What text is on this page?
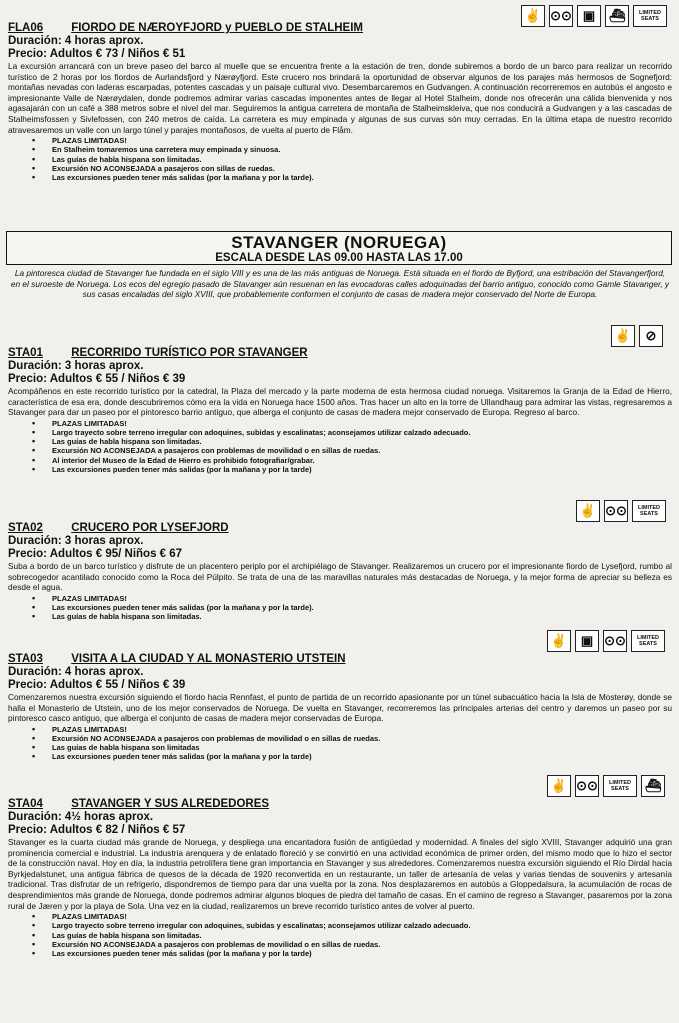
✌ ⊙⊙ ▣	⛴	LIMITED SEATS
FLA06 FIORDO DE NÆROYFJORD y PUEBLO DE STALHEIM
Duración: 4 horas aprox.
Precio: Adultos € 73 / Niños € 51

La excursión arrancará con un breve paseo del barco al muelle que se encuentra frente a la estación de tren, donde subiremos a bordo de un barco para realizar un recorrido turístico de 2 horas por los fiordos de Aurlandsfjord y Nærøyfjord. Este crucero nos brindará la oportunidad de observar algunos de los parajes más hermosos de Sognefjord: montañas nevadas con laderas escarpadas, potentes cascadas y un paisaje cultural vivo. Desembarcaremos en Gudvangen. A continuación recorreremos en autobús el angosto e impresionante Valle de Nærøydalen, donde podremos admirar varias cascadas imponentes antes de llegar al Hotel Stalheim, donde nos ofrecerán una cálida bienvenida y nos agasajarán con un café a 388 metros sobre el nivel del mar. Seguiremos la antigua carretera de montaña de Stalheimskleiva, que nos conducirá a Gudvangen y a las cascadas de Stalheimsfossen y Sivlefossen, con 240 metros de caída. La carretera es muy empinada y algunas de sus curvas són muy cerradas. En la última etapa de nuestro recorrido atravesaremos un valle con un largo túnel y parajes montañosos, de vuelta al puerto de Flåm.

• PLAZAS LIMITADAS!
• En Stalheim tomaremos una carretera muy empinada y sinuosa.
• Las guías de habla hispana son limitadas.
• Excursión NO ACONSEJADA a pasajeros con sillas de ruedas.
• Las excursiones pueden tener más salidas (por la mañana y por la tarde).
STAVANGER (NORUEGA)
ESCALA DESDE LAS 09.00 HASTA LAS 17.00

La pintoresca ciudad de Stavanger fue fundada en el siglo VIII y es una de las más antiguas de Noruega. Está situada en el fiordo de Byfjord, una estribación del Stavangerfjord, en el suroeste de Noruega. Los ecos del egregio pasado de Stavanger aún resuenan en las evocadoras calles adoquinadas del barrio antiguo, conocido como Gamle Stavanger, y sus casas encaladas del siglo XVIII, que probablemente conformen el conjunto de casas de madera mejor conservado del Norte de Europa.

✌	⊘
STA01 RECORRIDO TURÍSTICO POR STAVANGER
Duración: 3 horas aprox.
Precio: Adultos € 55 / Niños € 39

Acompáñenos en este recorrido turístico por la catedral, la Plaza del mercado y la parte moderna de esta hermosa ciudad noruega. Visitaremos la Granja de la Edad de Hierro, característica de esa era, donde descubriremos cómo era la vida en Noruega hace 1500 años. Tras hacer un alto en la torre de Ullandhaug para admirar las vistas, regresaremos a Stavanger para dar un paseo por el pintoresco barrio antiguo, que alberga el conjunto de casas de madera mejor conservado de Europa. Regreso al barco.

• PLAZAS LIMITADAS!
• Largo trayecto sobre terreno irregular con adoquines, subidas y escalinatas; aconsejamos utilizar calzado adecuado.
• Las guías de habla hispana son limitadas.
• Excursión NO ACONSEJADA a pasajeros con problemas de movilidad o en sillas de ruedas.
• Al interior del Museo de la Edad de Hierro es prohibido fotografiar/grabar.
• Las excursiones pueden tener más salidas (por la mañana y por la tarde)
✌ ⊙⊙	LIMITED SEATS
STA02 CRUCERO POR LYSEFJORD
Duración: 3 horas aprox.
Precio: Adultos € 95/ Niños € 67

Suba a bordo de un barco turístico y disfrute de un placentero periplo por el archipiélago de Stavanger. Realizaremos un crucero por el impresionante fiordo de Lysefjord, rumbo al sobrecogedor acantilado conocido como la Roca del Púlpito. Se trata de una de las maravillas naturales más destacadas de Noruega, y la mejor forma de apreciar su belleza es desde el agua.

• PLAZAS LIMITADAS!
• Las excursiones pueden tener más salidas (por la mañana y por la tarde).
• Las guías de habla hispana son limitadas.
✌	▣ ⊙⊙	LIMITED SEATS
STA03 VISITA A LA CIUDAD Y AL MONASTERIO UTSTEIN
Duración: 4 horas aprox.
Precio: Adultos € 55 / Niños € 39

Comenzaremos nuestra excursión siguiendo el fiordo hacia Rennfast, el punto de partida de un recorrido apasionante por un túnel subacuático hacia la Isla de Mosterøy, donde se halla el Monasterio de Utstein, uno de los mejor conservados de Noruega. De vuelta en Stavanger, recorreremos las principales arterias del centro y daremos un paseo por su pintoresco casco antiguo, que alberga el conjunto de casas de madera mejor conservadas de Europa.

• PLAZAS LIMITADAS!
• Excursión NO ACONSEJADA a pasajeros con problemas de movilidad o en sillas de ruedas.
• Las guías de habla hispana son limitadas
• Las excursiones pueden tener más salidas (por la mañana y por la tarde)
✌ ⊙⊙	LIMITED SEATS	⛴
STA04 STAVANGER Y SUS ALREDEDORES
Duración: 4½ horas aprox.
Precio: Adultos € 82 / Niños € 57

Stavanger es la cuarta ciudad más grande de Noruega, y despliega una encantadora fusión de antigüedad y modernidad. A finales del siglo XVIII, Stavanger adquirió una gran prominencia comercial e industrial. La industria arenquera y de enlatado floreció y se convirtió en una actividad económica de primer orden, del mismo modo que lo hizo el sector de la construcción naval. Hoy en día, la industria petrolífera tiene gran importancia en Stavanger y sus alrededores. Comenzaremos nuestra excursión siguiendo el Río Dirdal hacia Byrkjedalstunet, una antigua fábrica de quesos de la década de 1920 reconvertida en un restaurante, un taller de artesanía de velas y varias tiendas de souvenirs y artesanía tradicional. Tras disfrutar de un refrigerio, dispondremos de tiempo para dar una vuelta por la zona. Nos desplazaremos en autobús a Gloppedalsura, la acumulación de rocas de desprendimientos más grande de Noruega, donde podremos admirar algunos bloques de piedra del tamaño de casas. En el camino de regreso a Stavanger, pasaremos por la zona rural de Jæren y por la playa de Sola. Una vez en la ciudad, realizaremos un breve recorrido turístico antes de volver al puerto.

• PLAZAS LIMITADAS!
• Largo trayecto sobre terreno irregular con adoquines, subidas y escalinatas; aconsejamos utilizar calzado adecuado.
• Las guías de habla hispana son limitadas.
• Excursión NO ACONSEJADA a pasajeros con problemas de movilidad o en sillas de ruedas.
• Las excursiones pueden tener más salidas (por la mañana y por la tarde)
